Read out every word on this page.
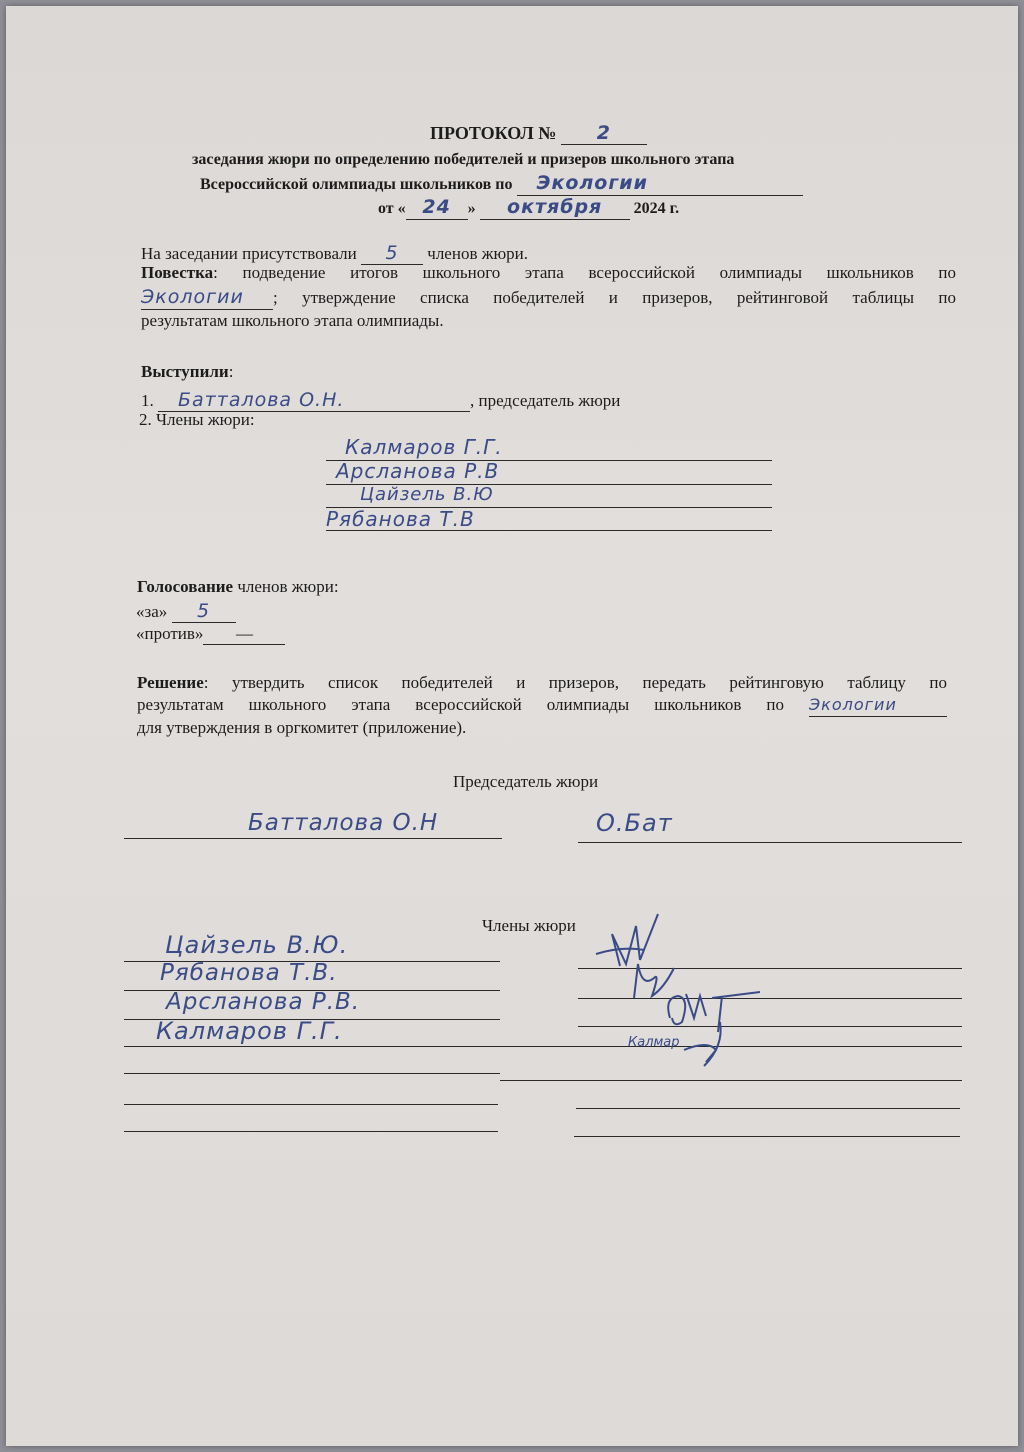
ПРОТОКОЛ № 2
заседания жюри по определению победителей и призеров школьного этапа
Всероссийской олимпиады школьников по Экологии
от « 24 » октября 2024 г.
На заседании присутствовали 5 членов жюри.
Повестка: подведение итогов школьного этапа всероссийской олимпиады школьников по
Экологии ; утверждение списка победителей и призеров, рейтинговой таблицы по
результатам школьного этапа олимпиады.
Выступили:
1. Батталова О.Н.	, председатель жюри
2. Члены жюри:
Калмаров Г.Г.
Арсланова Р.В
Цайзель В.Ю
Рябанова Т.В
Голосование членов жюри:
«за» 5
«против» —
Решение: утвердить список победителей и призеров, передать рейтинговую таблицу по
результатам школьного этапа всероссийской олимпиады школьников по Экологии
для утверждения в оргкомитет (приложение).
Председатель жюри
Батталова О.Н	О.Бат
Члены жюри
Цайзель В.Ю.
Рябанова Т.В.
Арсланова Р.В.
Калмаров Г.Г.	Калмар
